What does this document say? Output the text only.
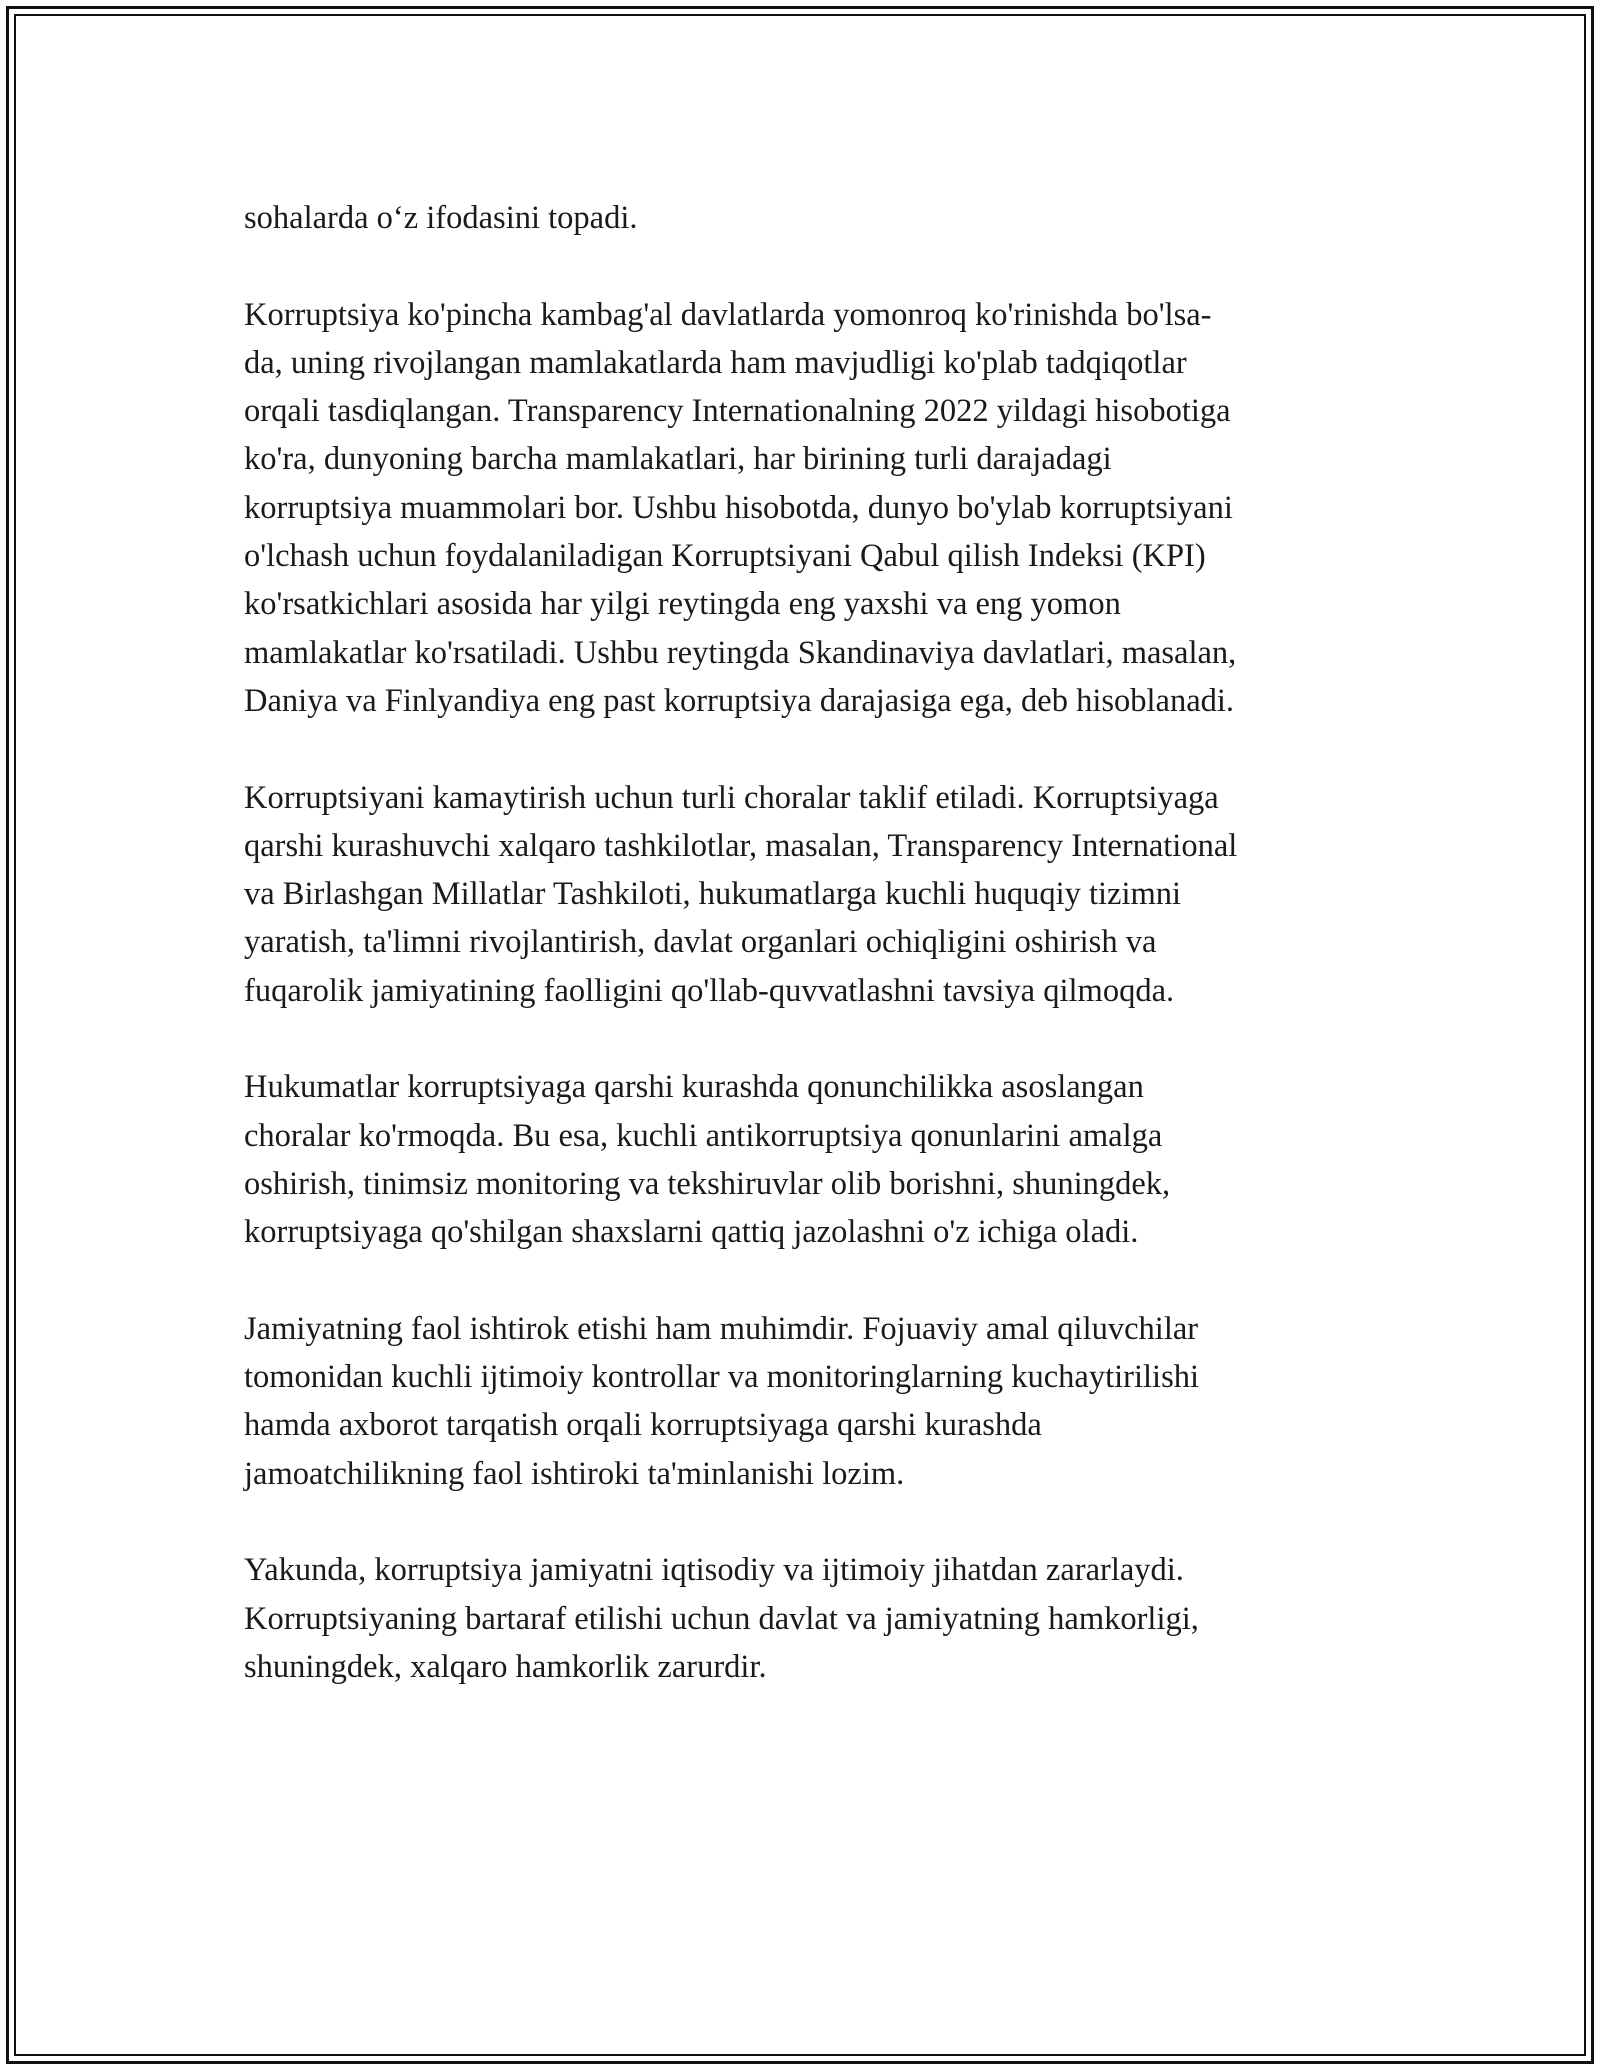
sohalarda o‘z ifodasini topadi.

Korruptsiya ko'pincha kambag'al davlatlarda yomonroq ko'rinishda bo'lsa-
da, uning rivojlangan mamlakatlarda ham mavjudligi ko'plab tadqiqotlar
orqali tasdiqlangan. Transparency Internationalning 2022 yildagi hisobotiga
ko'ra, dunyoning barcha mamlakatlari, har birining turli darajadagi
korruptsiya muammolari bor. Ushbu hisobotda, dunyo bo'ylab korruptsiyani
o'lchash uchun foydalaniladigan Korruptsiyani Qabul qilish Indeksi (KPI)
ko'rsatkichlari asosida har yilgi reytingda eng yaxshi va eng yomon
mamlakatlar ko'rsatiladi. Ushbu reytingda Skandinaviya davlatlari, masalan,
Daniya va Finlyandiya eng past korruptsiya darajasiga ega, deb hisoblanadi.

Korruptsiyani kamaytirish uchun turli choralar taklif etiladi. Korruptsiyaga
qarshi kurashuvchi xalqaro tashkilotlar, masalan, Transparency International
va Birlashgan Millatlar Tashkiloti, hukumatlarga kuchli huquqiy tizimni
yaratish, ta'limni rivojlantirish, davlat organlari ochiqligini oshirish va
fuqarolik jamiyatining faolligini qo'llab-quvvatlashni tavsiya qilmoqda.

Hukumatlar korruptsiyaga qarshi kurashda qonunchilikka asoslangan
choralar ko'rmoqda. Bu esa, kuchli antikorruptsiya qonunlarini amalga
oshirish, tinimsiz monitoring va tekshiruvlar olib borishni, shuningdek,
korruptsiyaga qo'shilgan shaxslarni qattiq jazolashni o'z ichiga oladi.

Jamiyatning faol ishtirok etishi ham muhimdir. Fojuaviy amal qiluvchilar
tomonidan kuchli ijtimoiy kontrollar va monitoringlarning kuchaytirilishi
hamda axborot tarqatish orqali korruptsiyaga qarshi kurashda
jamoatchilikning faol ishtiroki ta'minlanishi lozim.

Yakunda, korruptsiya jamiyatni iqtisodiy va ijtimoiy jihatdan zararlaydi.
Korruptsiyaning bartaraf etilishi uchun davlat va jamiyatning hamkorligi,
shuningdek, xalqaro hamkorlik zarurdir.
